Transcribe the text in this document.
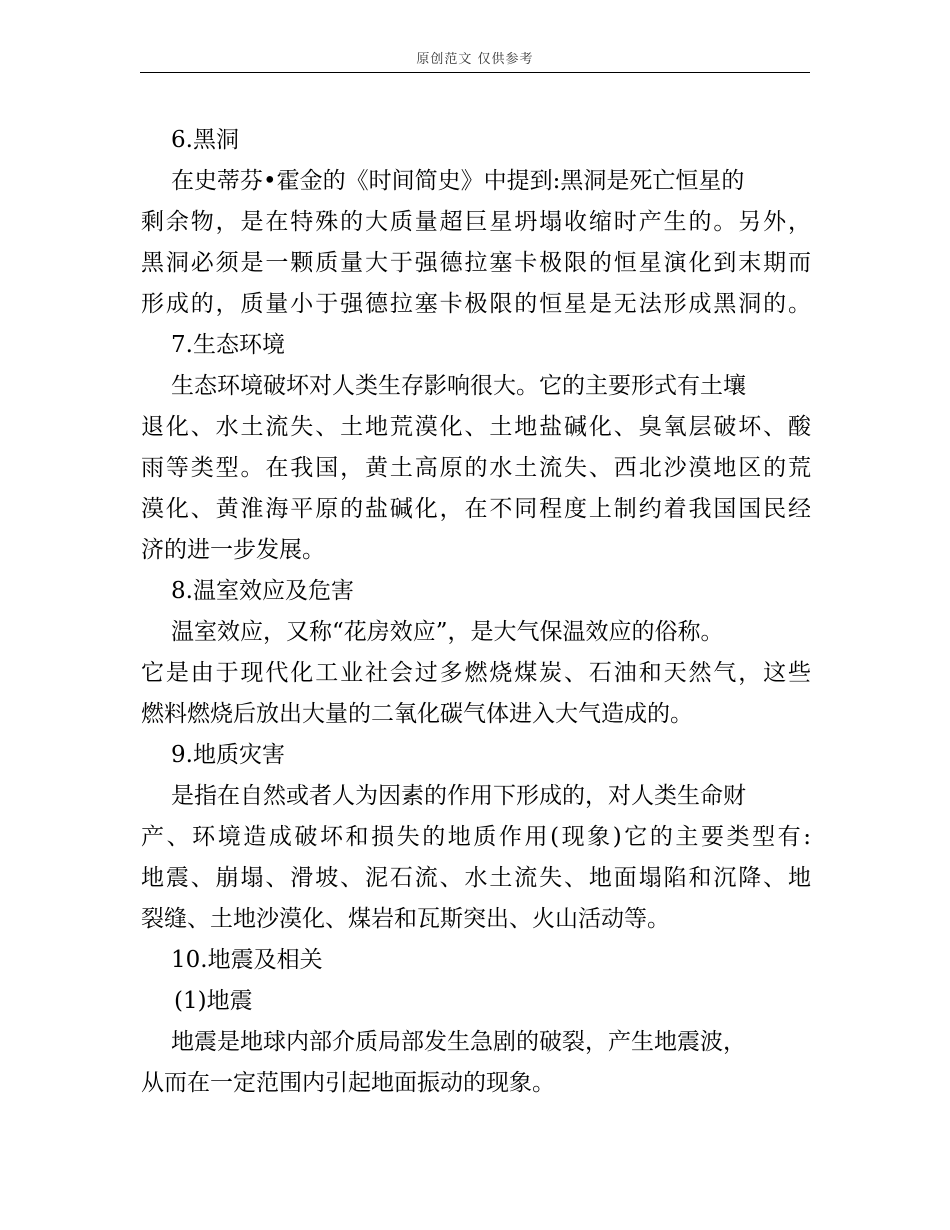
原创范文 仅供参考
6.黑洞
在史蒂芬•霍金的《时间简史》中提到:黑洞是死亡恒星的
剩余物，是在特殊的大质量超巨星坍塌收缩时产生的。另外，
黑洞必须是一颗质量大于强德拉塞卡极限的恒星演化到末期而
形成的，质量小于强德拉塞卡极限的恒星是无法形成黑洞的。
7.生态环境
生态环境破坏对人类生存影响很大。它的主要形式有土壤
退化、水土流失、土地荒漠化、土地盐碱化、臭氧层破坏、酸
雨等类型。在我国，黄土高原的水土流失、西北沙漠地区的荒
漠化、黄淮海平原的盐碱化，在不同程度上制约着我国国民经
济的进一步发展。
8.温室效应及危害
温室效应，又称“花房效应”，是大气保温效应的俗称。
它是由于现代化工业社会过多燃烧煤炭、石油和天然气，这些
燃料燃烧后放出大量的二氧化碳气体进入大气造成的。
9.地质灾害
是指在自然或者人为因素的作用下形成的，对人类生命财
产、环境造成破坏和损失的地质作用(现象)它的主要类型有:
地震、崩塌、滑坡、泥石流、水土流失、地面塌陷和沉降、地
裂缝、土地沙漠化、煤岩和瓦斯突出、火山活动等。
10.地震及相关
(1)地震
地震是地球内部介质局部发生急剧的破裂，产生地震波，
从而在一定范围内引起地面振动的现象。
